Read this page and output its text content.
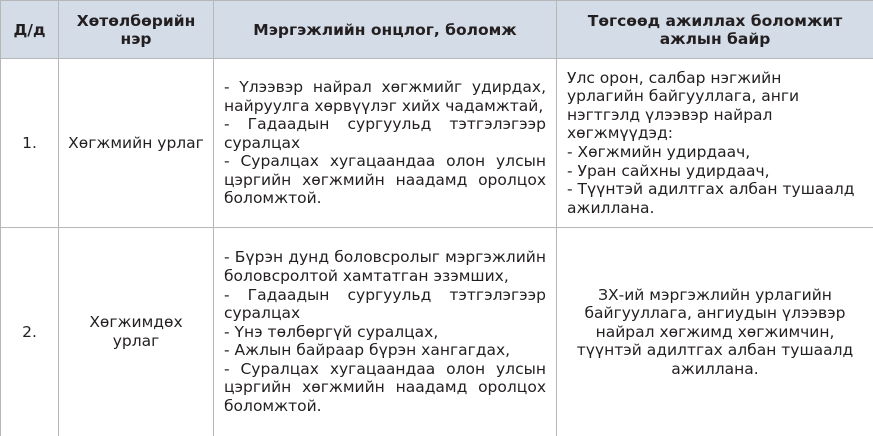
Д/д	Хөтөлбөрийн нэр	Мэргэжлийн онцлог, боломж	Төгсөөд ажиллах боломжит ажлын байр
1.	Хөгжмийн урлаг	- Үлээвэр найрал хөгжмийг удирдах, найруулга хөрвүүлэг хийх чадамжтай,
- Гадаадын сургуульд тэтгэлэгээр суралцах
- Суралцах хугацаандаа олон улсын цэргийн хөгжмийн наадамд оролцох боломжтой.	Улс орон, салбар нэгжийн урлагийн байгууллага, анги нэгтгэлд үлээвэр найрал хөгжмүүдэд:
- Хөгжмийн удирдаач,
- Уран сайхны удирдаач,
- Түүнтэй адилтгах албан тушаалд ажиллана.

2.	Хөгжимдөх урлаг	- Бүрэн дунд боловсролыг мэргэжлийн боловсролтой хамтатган эзэмших,
- Гадаадын сургуульд тэтгэлэгээр суралцах
- Үнэ төлбөргүй суралцах,
- Ажлын байраар бүрэн хангагдах,
- Суралцах хугацаандаа олон улсын цэргийн хөгжмийн наадамд оролцох боломжтой.	ЗХ-ий мэргэжлийн урлагийн байгууллага, ангиудын үлээвэр найрал хөгжимд хөгжимчин, түүнтэй адилтгах албан тушаалд ажиллана.
